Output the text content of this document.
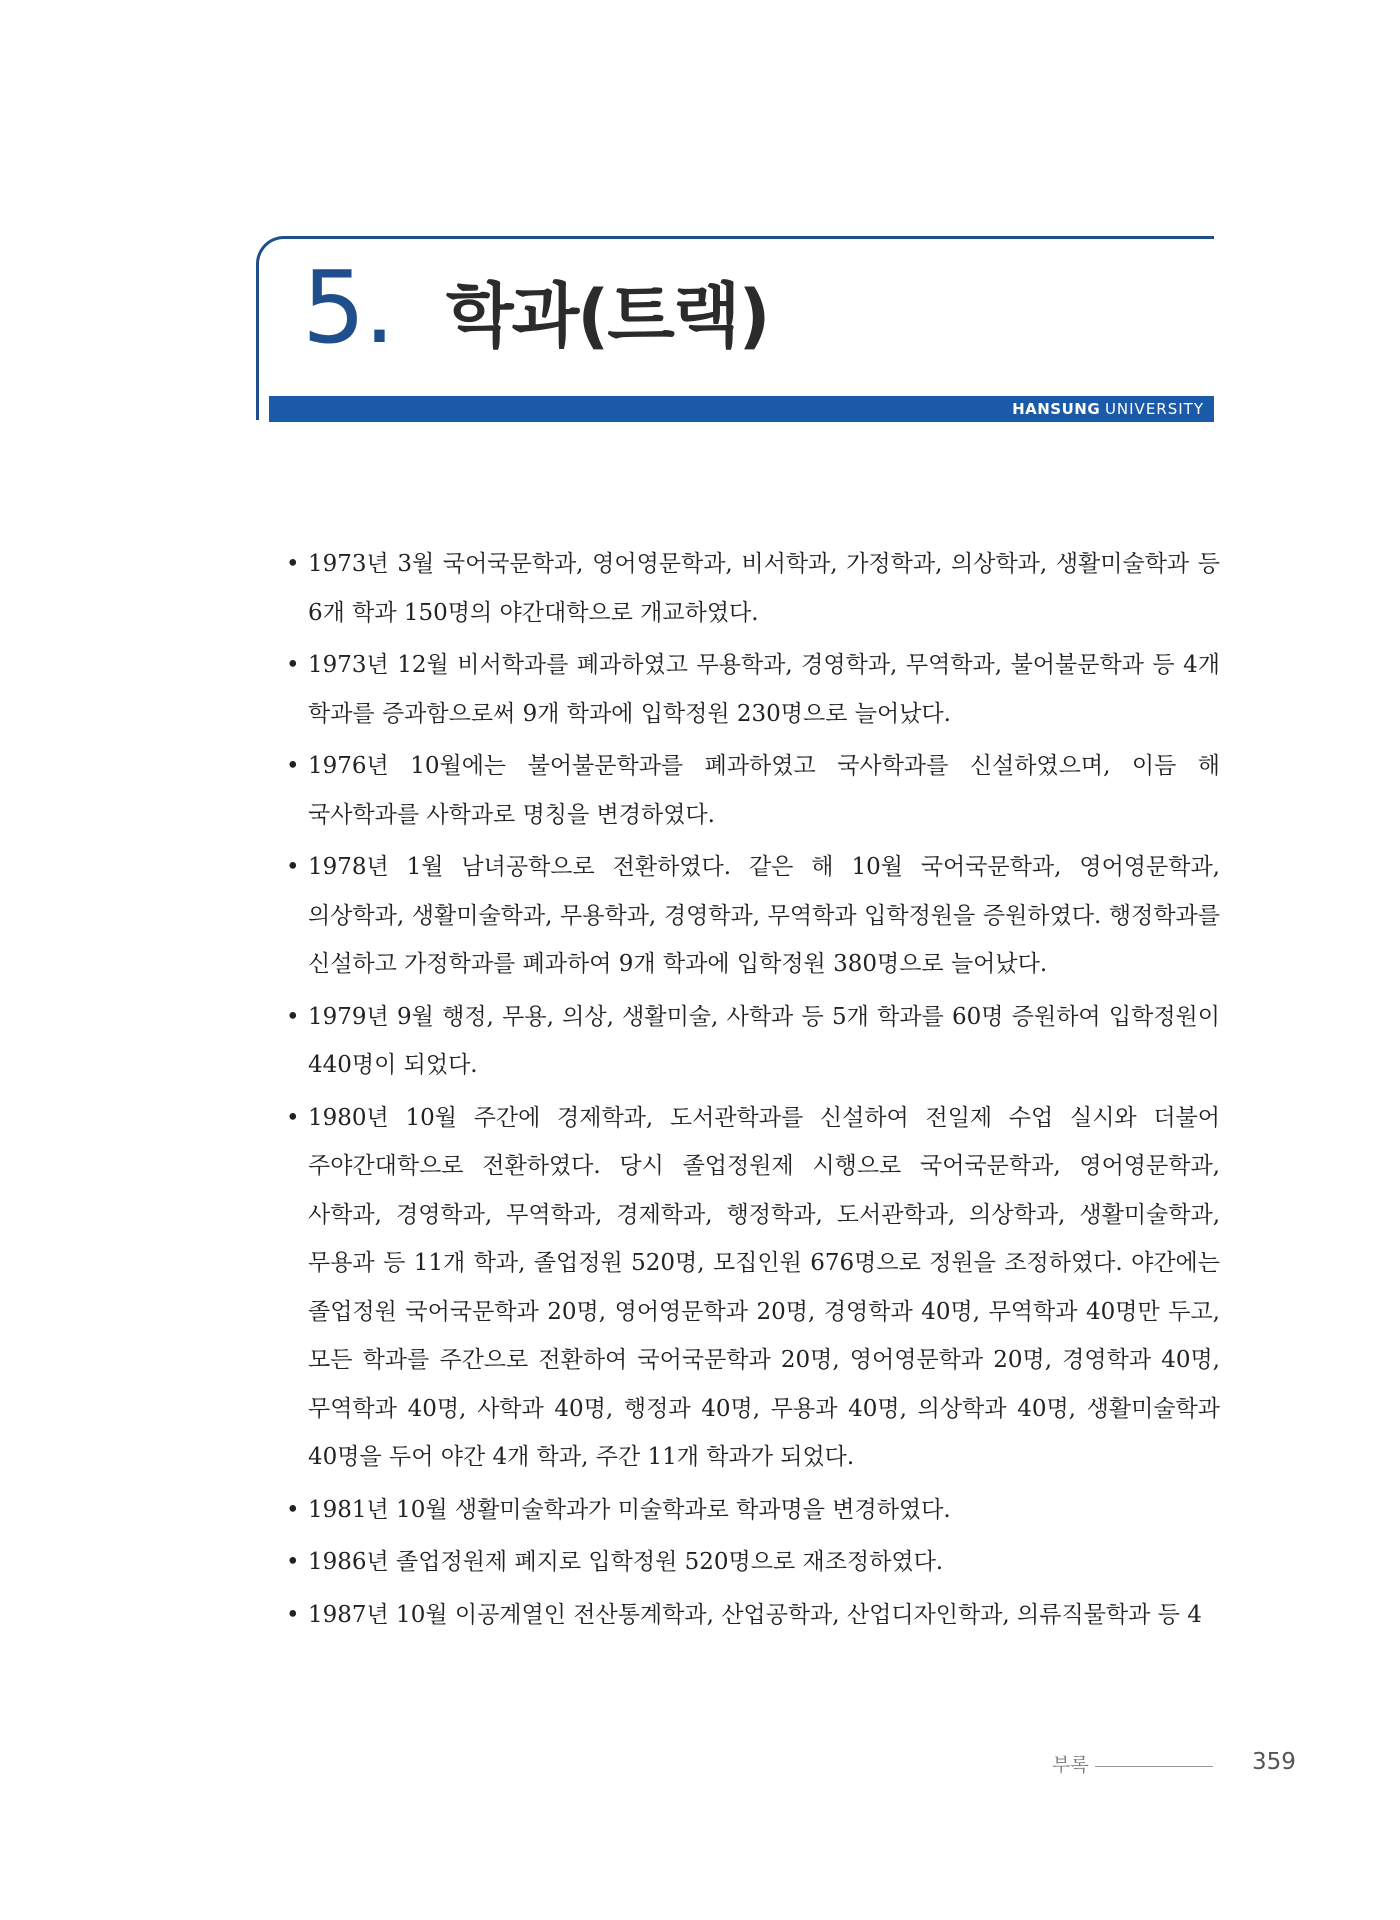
5. 학과(트랙)
HANSUNG UNIVERSITY
• 1973년 3월 국어국문학과, 영어영문학과, 비서학과, 가정학과, 의상학과, 생활미술학과 등 6개 학과 150명의 야간대학으로 개교하였다.
• 1973년 12월 비서학과를 폐과하였고 무용학과, 경영학과, 무역학과, 불어불문학과 등 4개 학과를 증과함으로써 9개 학과에 입학정원 230명으로 늘어났다.
• 1976년 10월에는 불어불문학과를 폐과하였고 국사학과를 신설하였으며, 이듬 해 국사학과를 사학과로 명칭을 변경하였다.
• 1978년 1월 남녀공학으로 전환하였다. 같은 해 10월 국어국문학과, 영어영문학과, 의상학과, 생활미술학과, 무용학과, 경영학과, 무역학과 입학정원을 증원하였다. 행정학과를 신설하고 가정학과를 폐과하여 9개 학과에 입학정원 380명으로 늘어났다.
• 1979년 9월 행정, 무용, 의상, 생활미술, 사학과 등 5개 학과를 60명 증원하여 입학정원이 440명이 되었다.
• 1980년 10월 주간에 경제학과, 도서관학과를 신설하여 전일제 수업 실시와 더불어 주야간대학으로 전환하였다. 당시 졸업정원제 시행으로 국어국문학과, 영어영문학과, 사학과, 경영학과, 무역학과, 경제학과, 행정학과, 도서관학과, 의상학과, 생활미술학과, 무용과 등 11개 학과, 졸업정원 520명, 모집인원 676명으로 정원을 조정하였다. 야간에는 졸업정원 국어국문학과 20명, 영어영문학과 20명, 경영학과 40명, 무역학과 40명만 두고, 모든 학과를 주간으로 전환하여 국어국문학과 20명, 영어영문학과 20명, 경영학과 40명, 무역학과 40명, 사학과 40명, 행정과 40명, 무용과 40명, 의상학과 40명, 생활미술학과 40명을 두어 야간 4개 학과, 주간 11개 학과가 되었다.
• 1981년 10월 생활미술학과가 미술학과로 학과명을 변경하였다.
• 1986년 졸업정원제 폐지로 입학정원 520명으로 재조정하였다.
• 1987년 10월 이공계열인 전산통계학과, 산업공학과, 산업디자인학과, 의류직물학과 등 4
부록	359
